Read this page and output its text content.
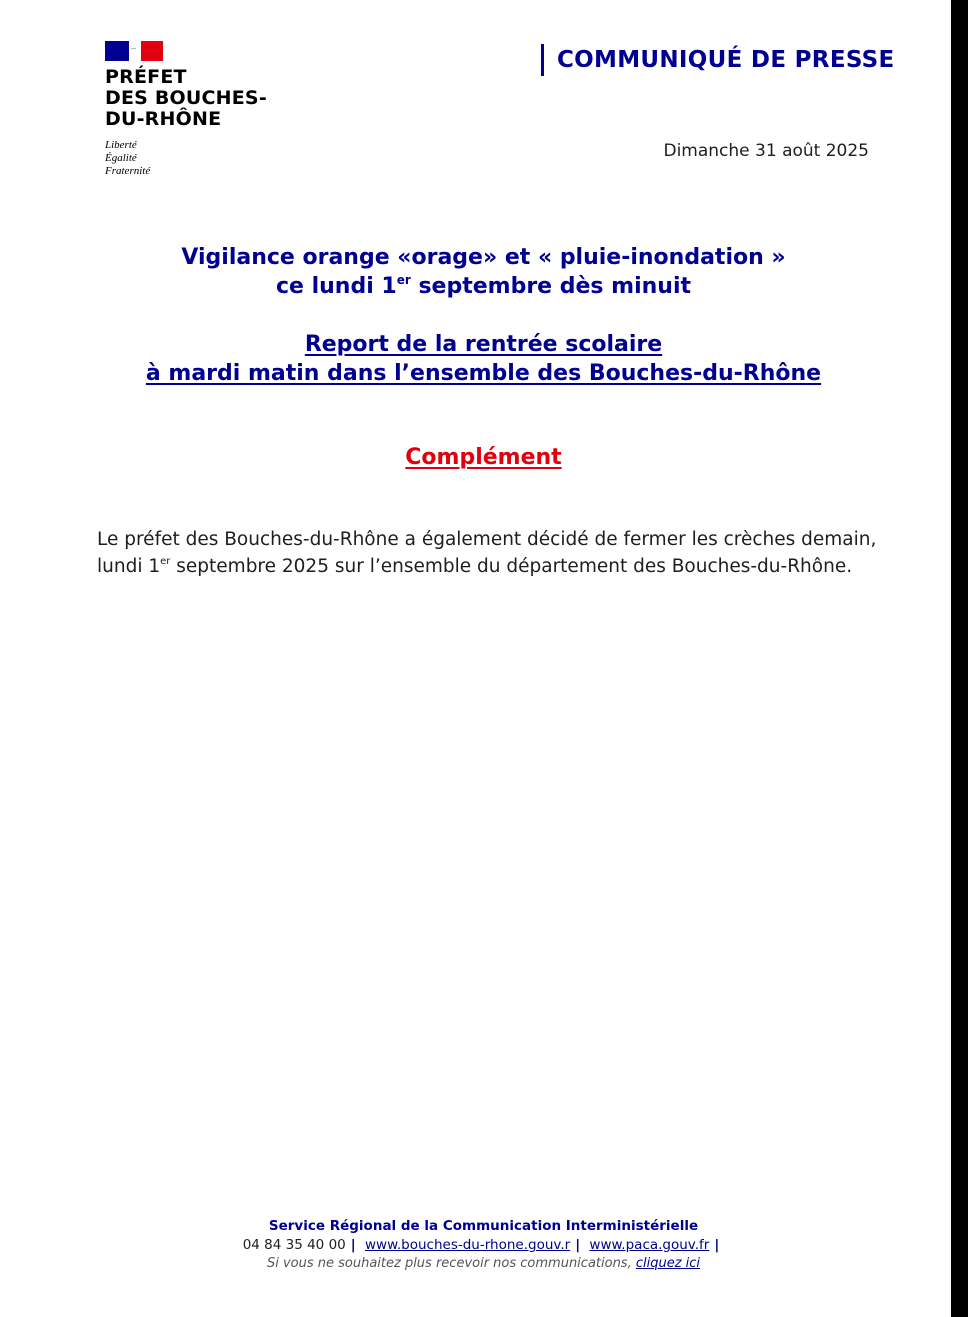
PRÉFET
DES BOUCHES-
DU-RHÔNE
Liberté
Égalité
Fraternité
COMMUNIQUÉ DE PRESSE
Dimanche 31 août 2025
Vigilance orange «orage» et « pluie-inondation »
ce lundi 1er septembre dès minuit
Report de la rentrée scolaire
à mardi matin dans l’ensemble des Bouches-du-Rhône
Complément
Le préfet des Bouches-du-Rhône a également décidé de fermer les crèches demain,
lundi 1er septembre 2025 sur l’ensemble du département des Bouches-du-Rhône.
Service Régional de la Communication Interministérielle
04 84 35 40 00 | www.bouches-du-rhone.gouv.r | www.paca.gouv.fr |
Si vous ne souhaitez plus recevoir nos communications, cliquez ici
